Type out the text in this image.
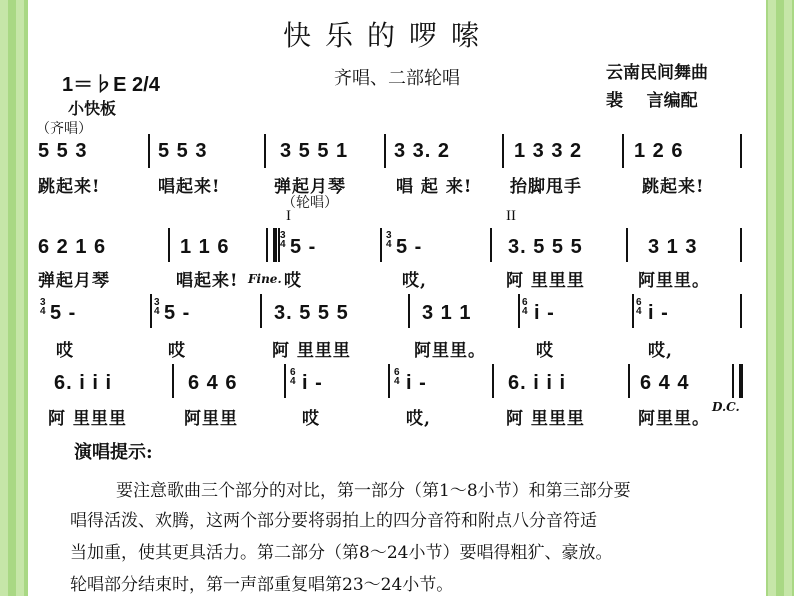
快乐的啰嗦
齐唱、二部轮唱	云南民间舞曲
裴    言编配
1＝♭E 2/4
小快板
（齐唱）
5 5 3	5 5 3	3 5 5 1 3 3. 2	1 3 3 2	1 2 6
跳起来!	唱起来!	弹起月琴	唱 起 来! 抬脚甩手	跳起来!
（轮唱）
I	II
6 2 1 6	1 1 6
3
4 5 -
3
4 5 -	3. 5 5 5	3 1 3
弹起月琴	唱起来! Fine. 哎	哎,	阿 里里里	阿里里。
3
4 5 -	3
4 5 -	3. 5 5 5	3 1 1	6
4 i -	6
4 i -
哎	哎	阿 里里里	阿里里。	哎	哎,
6. i i i	6 4 6	6
4 i -	6
4 i -	6. i i i	6 4 4
阿 里里里	阿里里	哎	哎,	阿 里里里	阿里里。
D.C.
演唱提示:
要注意歌曲三个部分的对比，第一部分（第1～8小节）和第三部分要
唱得活泼、欢腾，这两个部分要将弱拍上的四分音符和附点八分音符适
当加重，使其更具活力。第二部分（第8～24小节）要唱得粗犷、豪放。
轮唱部分结束时，第一声部重复唱第23～24小节。
